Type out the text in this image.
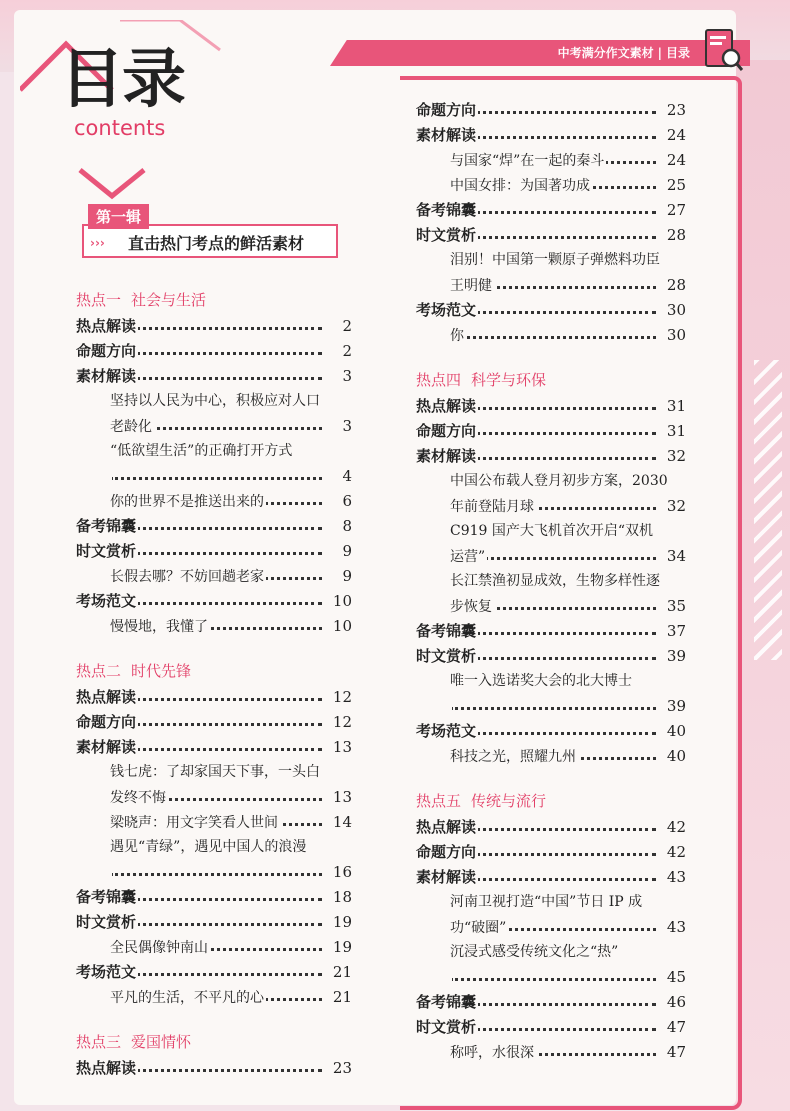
中考满分作文素材 | 目录
目录
contents
››› 直击热门考点的鲜活素材
第一辑
热点一 社会与生活
热点解读	2
命题方向	2
素材解读	3
坚持以人民为中心，积极应对人口
老龄化	3
“低欲望生活”的正确打开方式
4
你的世界不是推送出来的	6
备考锦囊	8
时文赏析	9
长假去哪？不妨回趟老家	9
考场范文	10
慢慢地，我懂了	10
热点二 时代先锋
热点解读	12
命题方向	12
素材解读	13
钱七虎：了却家国天下事，一头白
发终不悔	13
梁晓声：用文字笑看人世间	14
遇见“青绿”，遇见中国人的浪漫
16
备考锦囊	18
时文赏析	19
全民偶像钟南山	19
考场范文	21
平凡的生活，不平凡的心	21
热点三 爱国情怀
热点解读	23
命题方向	23
素材解读	24
与国家“焊”在一起的秦斗	24
中国女排：为国著功成	25
备考锦囊	27
时文赏析	28
泪别！中国第一颗原子弹燃料功臣
王明健	28
考场范文	30
你	30
热点四 科学与环保
热点解读	31
命题方向	31
素材解读	32
中国公布载人登月初步方案，2030
年前登陆月球	32
C919 国产大飞机首次开启“双机
运营”	34
长江禁渔初显成效，生物多样性逐
步恢复	35
备考锦囊	37
时文赏析	39
唯一入选诺奖大会的北大博士
39
考场范文	40
科技之光，照耀九州	40
热点五 传统与流行
热点解读	42
命题方向	42
素材解读	43
河南卫视打造“中国”节日 IP 成
功“破圈”	43
沉浸式感受传统文化之“热”
45
备考锦囊	46
时文赏析	47
称呼，水很深	47
